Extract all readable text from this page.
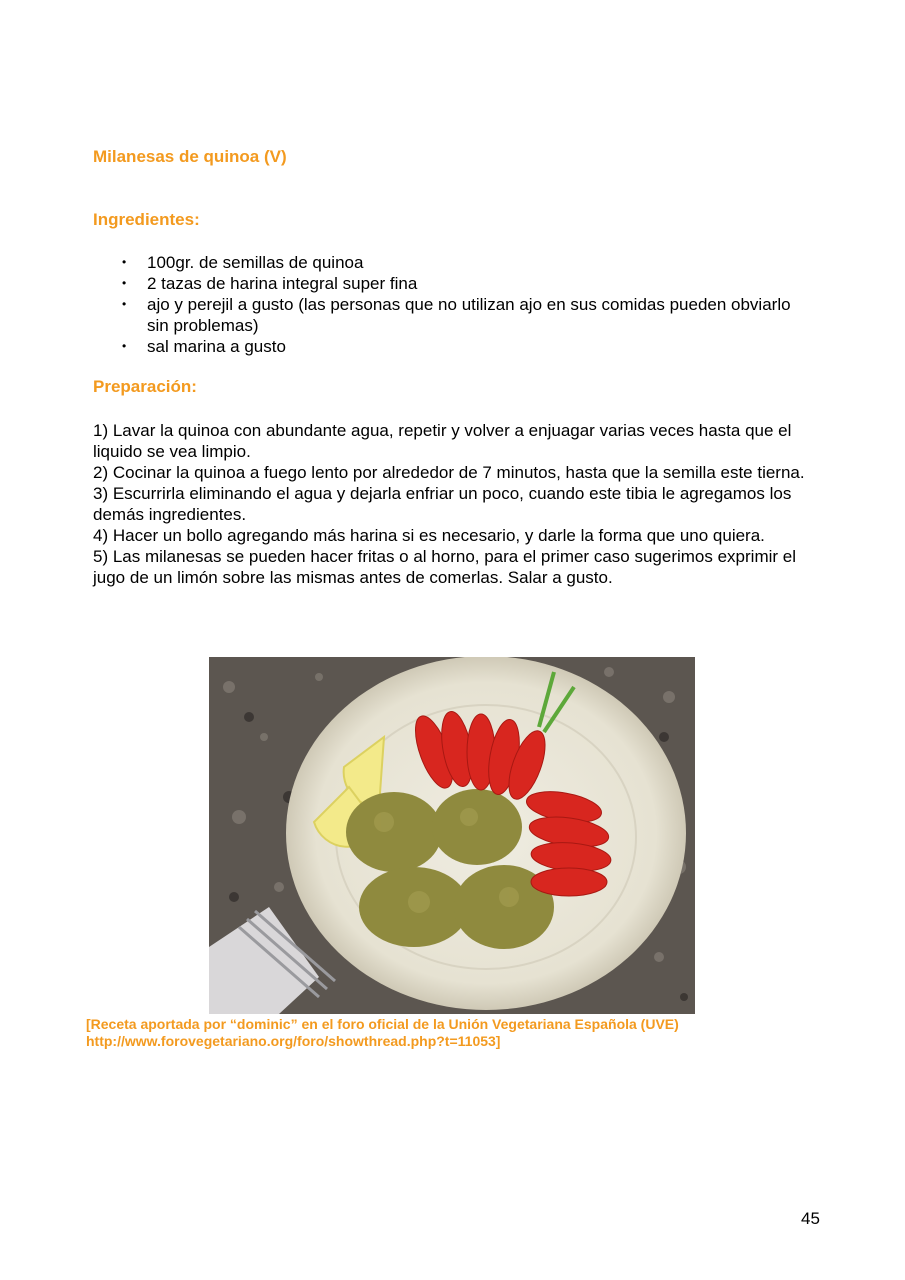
Milanesas de quinoa (V)
Ingredientes:
• 100gr. de semillas de quinoa
• 2 tazas de harina integral super fina
• ajo y perejil a gusto (las personas que no utilizan ajo en sus comidas pueden obviarlo sin problemas)
• sal marina a gusto
Preparación:
1) Lavar la quinoa con abundante agua, repetir y volver a enjuagar varias veces hasta que el liquido se vea limpio.
2) Cocinar la quinoa a fuego lento por alrededor de 7 minutos, hasta que la semilla este tierna.
3) Escurrirla eliminando el agua y dejarla enfriar un poco, cuando este tibia le agregamos los demás ingredientes.
4) Hacer un bollo agregando más harina si es necesario, y darle la forma que uno quiera.
5) Las milanesas se pueden hacer fritas o al horno, para el primer caso sugerimos exprimir el jugo de un limón sobre las mismas antes de comerlas. Salar a gusto.
[Receta aportada por “dominic” en el foro oficial de la Unión Vegetariana Española (UVE)
http://www.forovegetariano.org/foro/showthread.php?t=11053]
45
